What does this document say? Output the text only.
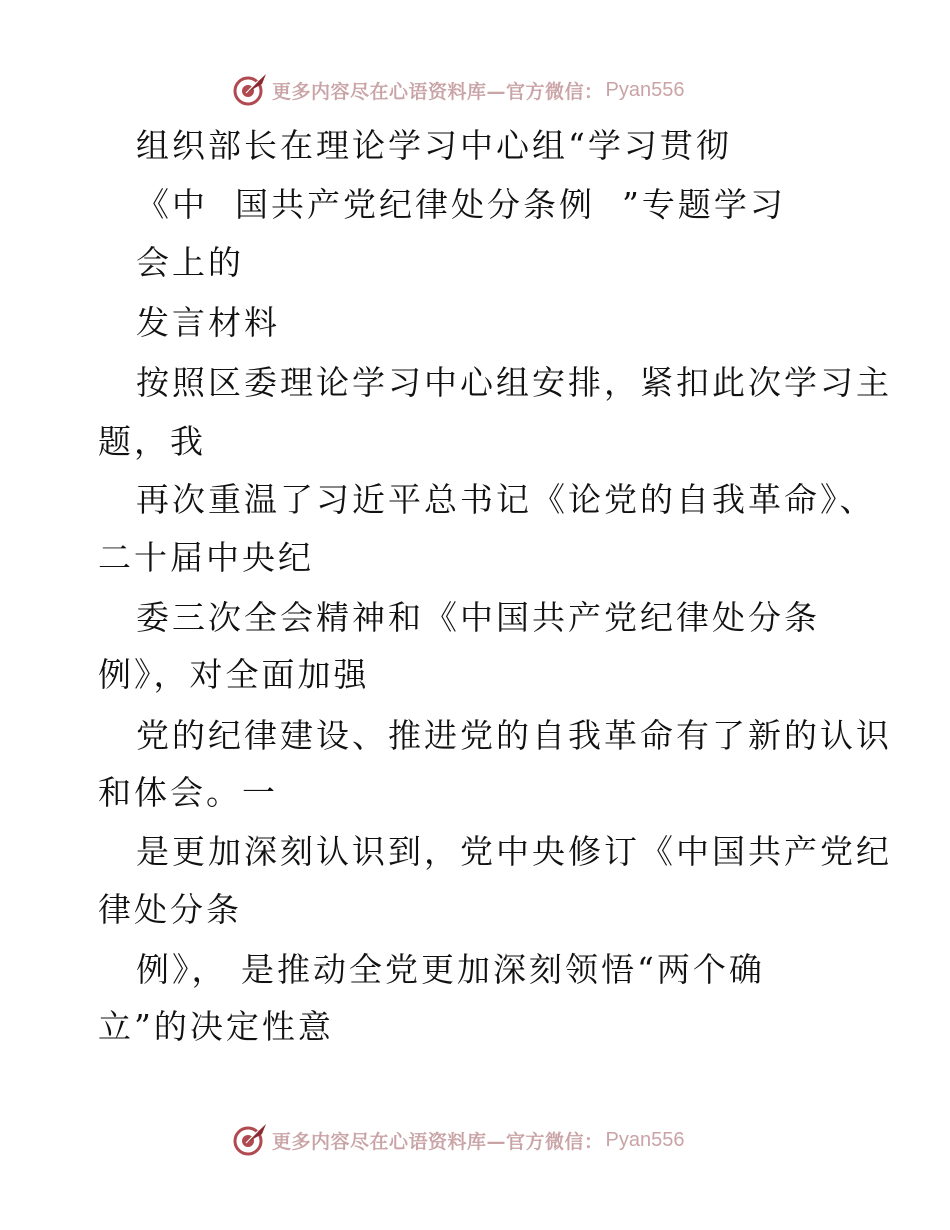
更多内容尽在心语资料库—官方微信： Pyan556
组织部长在理论学习中心组“学习贯彻
《中  国共产党纪律处分条例  ”专题学习
会上的
发言材料
按照区委理论学习中心组安排，紧扣此次学习主
题，我
再次重温了习近平总书记《论党的自我革命》、
二十届中央纪
委三次全会精神和《中国共产党纪律处分条
例》，对全面加强
党的纪律建设、推进党的自我革命有了新的认识
和体会。一
是更加深刻认识到，党中央修订《中国共产党纪
律处分条
例》， 是推动全党更加深刻领悟“两个确
立”的决定性意
更多内容尽在心语资料库—官方微信： Pyan556
